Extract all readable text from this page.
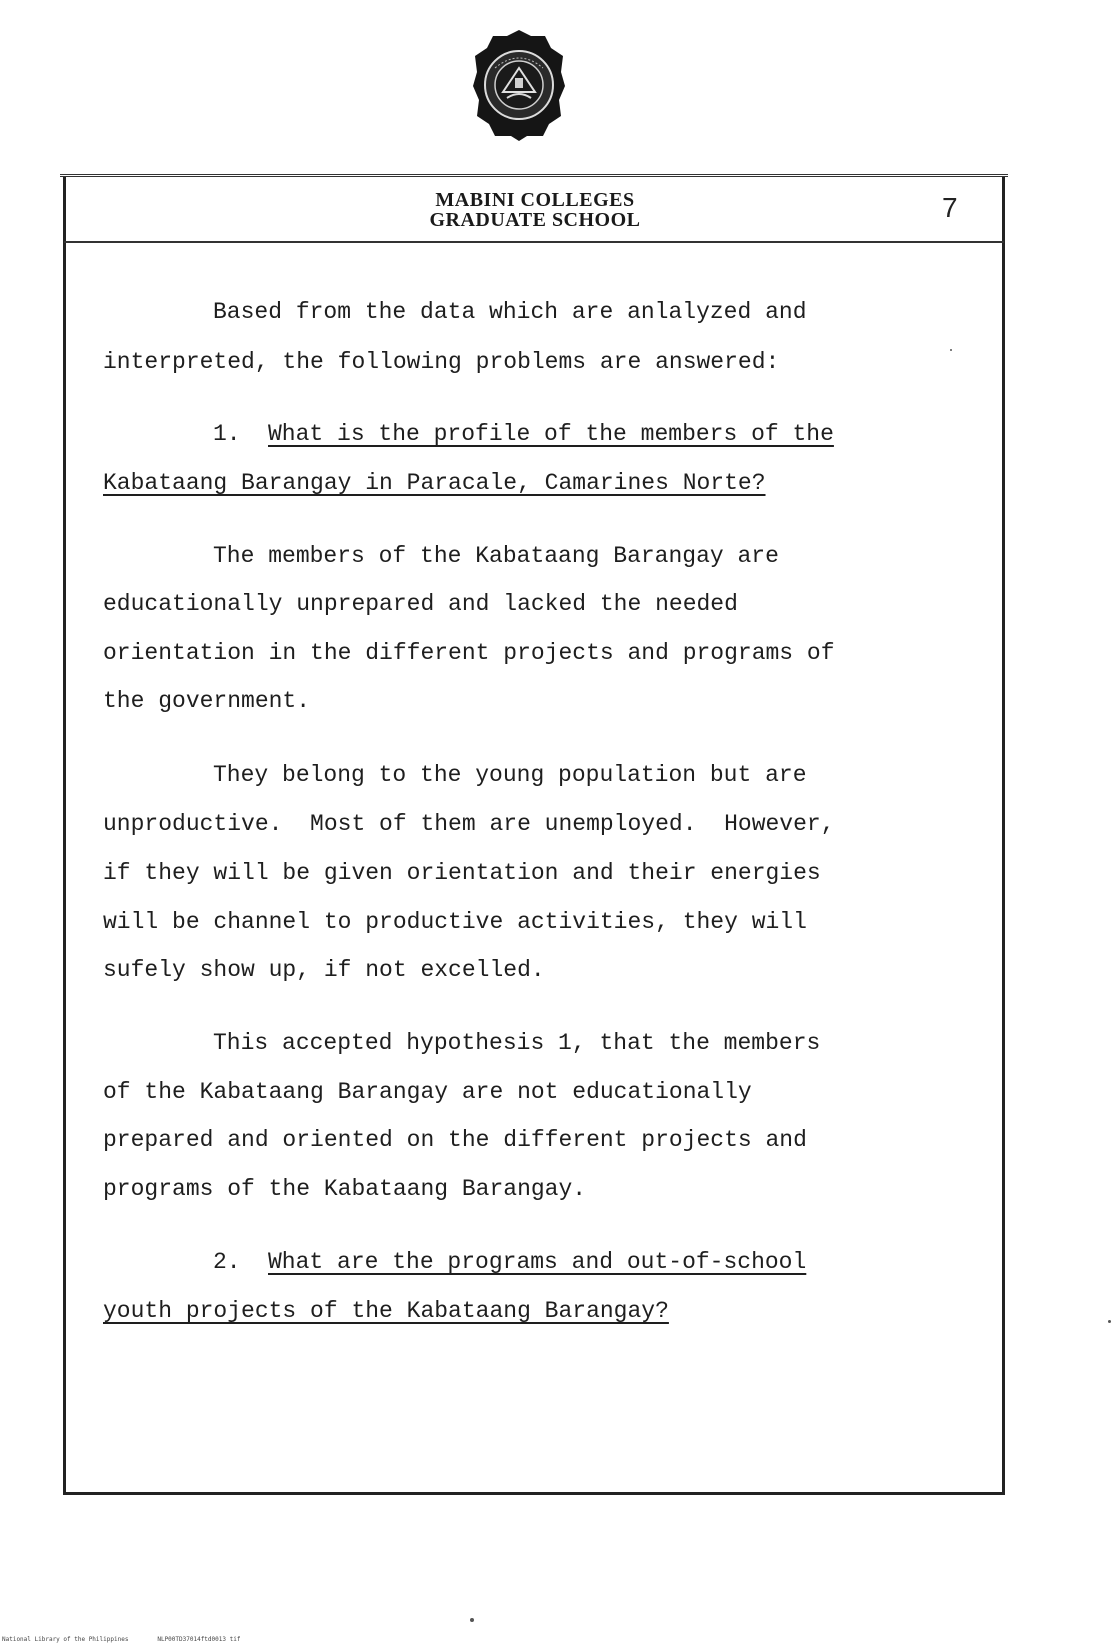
MABINI COLLEGES
GRADUATE SCHOOL	7
Based from the data which are anlalyzed and
interpreted, the following problems are answered:
1. What is the profile of the members of the
Kabataang Barangay in Paracale, Camarines Norte?
The members of the Kabataang Barangay are
educationally unprepared and lacked the needed
orientation in the different projects and programs of
the government.
They belong to the young population but are
unproductive.  Most of them are unemployed.  However,
if they will be given orientation and their energies
will be channel to productive activities, they will
sufely show up, if not excelled.
This accepted hypothesis 1, that the members
of the Kabataang Barangay are not educationally
prepared and oriented on the different projects and
programs of the Kabataang Barangay.
2. What are the programs and out-of-school
youth projects of the Kabataang Barangay?
National Library of the Philippines	NLP00TD37014ftd0013 tif
